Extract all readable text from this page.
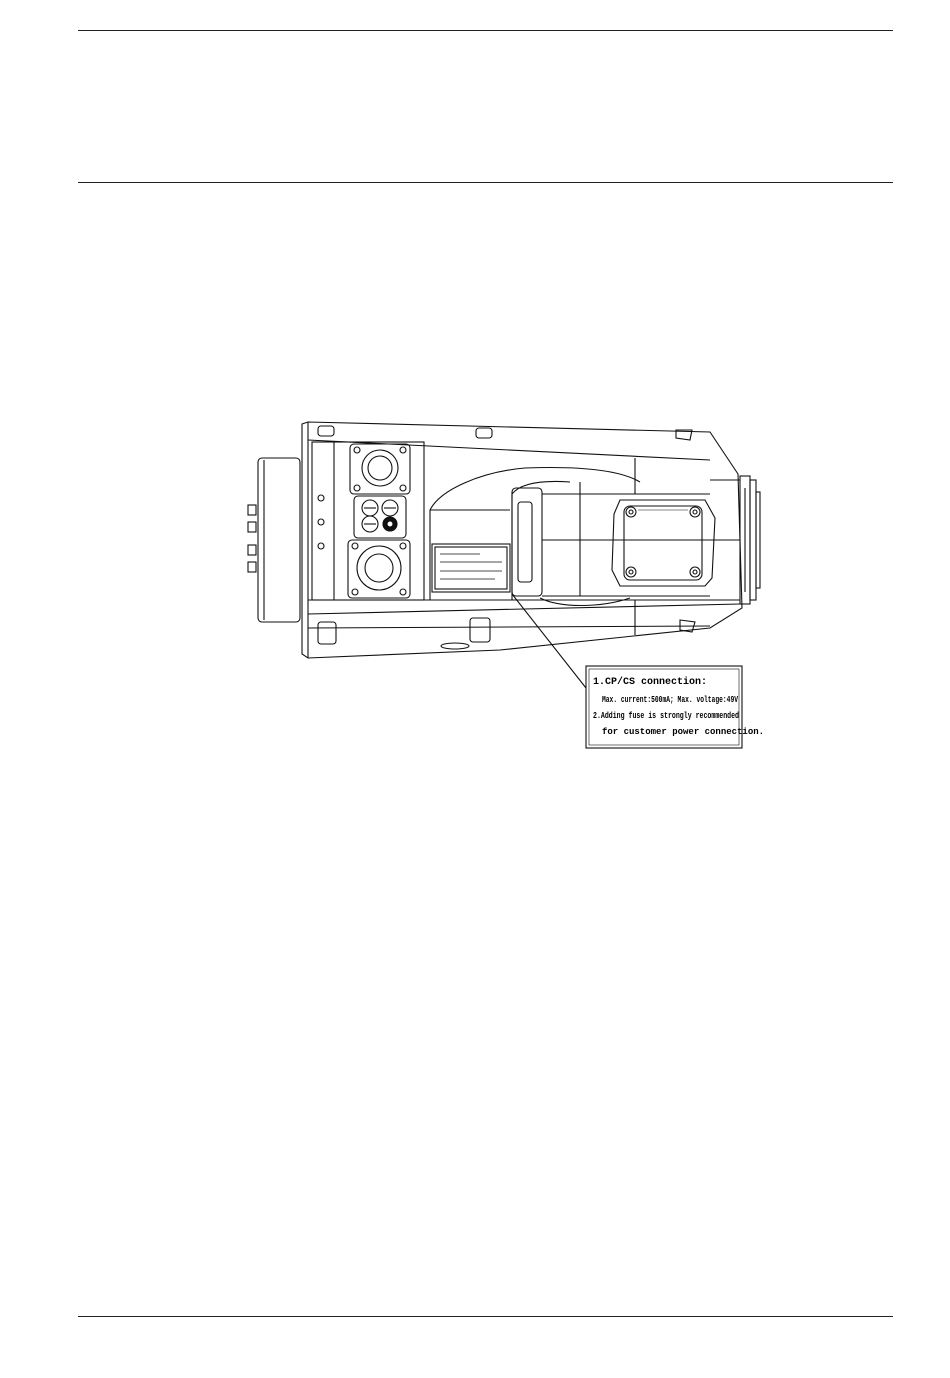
1.CP/CS connection:
Max. current:500mA; Max. voltage:49V
2.Adding fuse is strongly recommended
for customer power connection.
